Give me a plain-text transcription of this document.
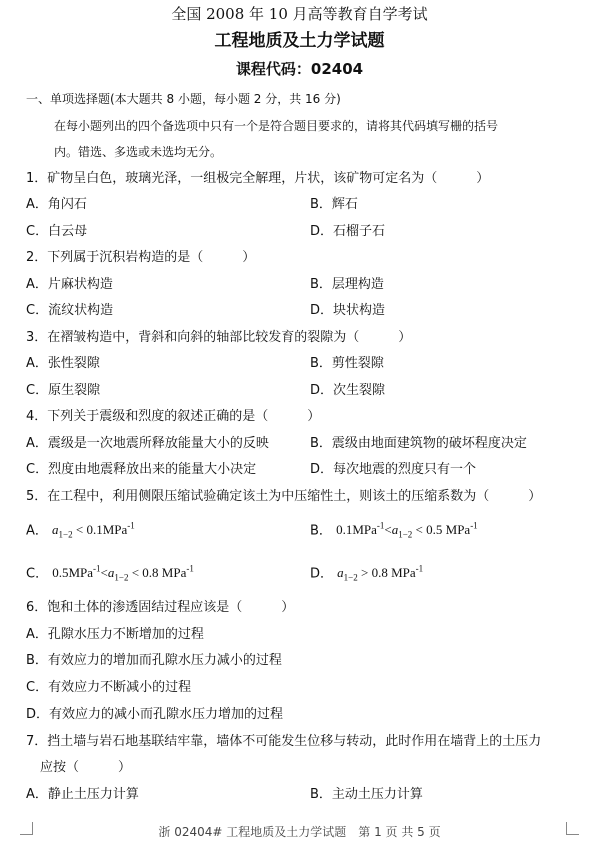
全国 2008 年 10 月高等教育自学考试
工程地质及土力学试题
课程代码：02404
一、单项选择题(本大题共 8 小题，每小题 2 分，共 16 分)
在每小题列出的四个备选项中只有一个是符合题目要求的，请将其代码填写栅的括号
内。错选、多选或未选均无分。
1．矿物呈白色，玻璃光泽，一组极完全解理，片状，该矿物可定名为（　　　）
A．角闪石	B．辉石
C．白云母	D．石榴子石
2．下列属于沉积岩构造的是（　　　）
A．片麻状构造	B．层理构造
C．流纹状构造	D．块状构造
3．在褶皱构造中，背斜和向斜的轴部比较发育的裂隙为（　　　）
A．张性裂隙	B．剪性裂隙
C．原生裂隙	D．次生裂隙
4．下列关于震级和烈度的叙述正确的是（　　　）
A．震级是一次地震所释放能量大小的反映	B．震级由地面建筑物的破坏程度决定
C．烈度由地震释放出来的能量大小决定	D．每次地震的烈度只有一个
5．在工程中，利用侧限压缩试验确定该土为中压缩性土，则该土的压缩系数为（　　　）
A． $a_{1-2} < 0.1MPa^{-1}$	B． $0.1MPa^{-1}<a_{1-2} < 0.5$ MPa$^{-1}$
C． $0.5MPa^{-1}<a_{1-2} < 0.8$ MPa$^{-1}$	D． $a_{1-2} > 0.8$ MPa$^{-1}$
6．饱和土体的渗透固结过程应该是（　　　）
A．孔隙水压力不断增加的过程
B．有效应力的增加而孔隙水压力减小的过程
C．有效应力不断减小的过程
D．有效应力的减小而孔隙水压力增加的过程
7．挡土墙与岩石地基联结牢靠，墙体不可能发生位移与转动，此时作用在墙背上的土压力
应按（　　　）
A．静止土压力计算	B．主动土压力计算
浙 02404# 工程地质及土力学试题　第 1 页 共 5 页
